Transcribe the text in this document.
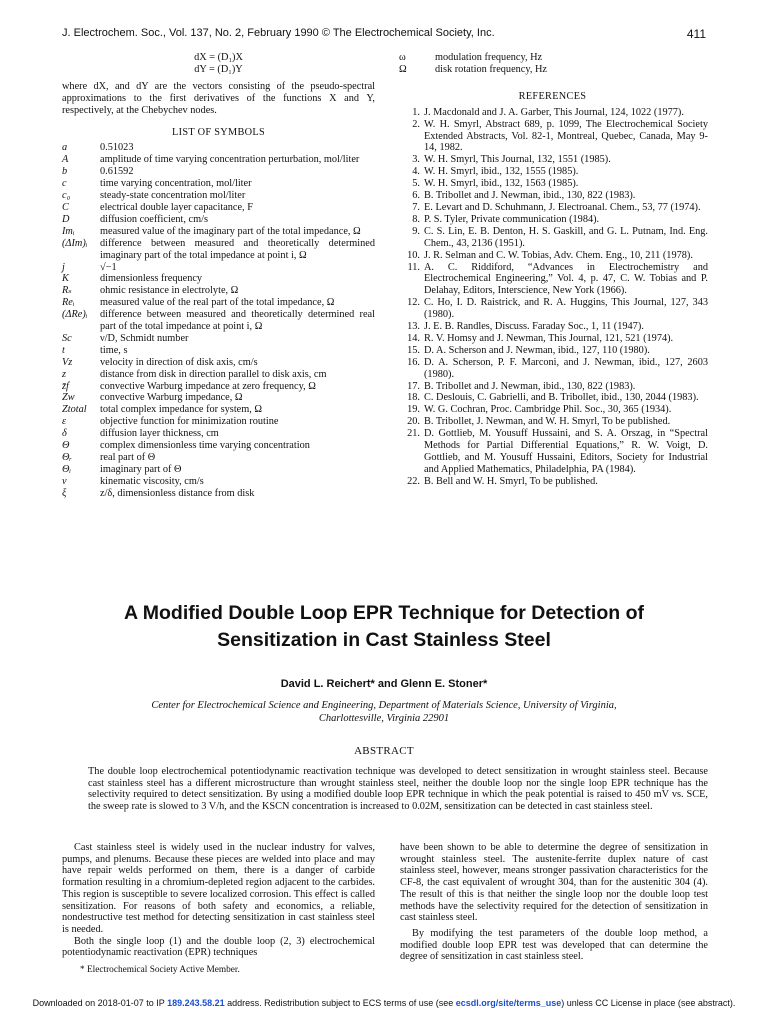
J. Electrochem. Soc., Vol. 137, No. 2, February 1990 © The Electrochemical Society, Inc.	411

dX = (D₁)X

dY = (D₁)Y

where dX, and dY are the vectors consisting of the pseudo-spectral approximations to the first derivatives of the functions X and Y, respectively, at the Chebychev nodes.

LIST OF SYMBOLS
a	0.51023
A	amplitude of time varying concentration perturbation, mol/liter
b	0.61592
c	time varying concentration, mol/liter
c₀	steady-state concentration mol/liter
C	electrical double layer capacitance, F
D	diffusion coefficient, cm/s
Imᵢ	measured value of the imaginary part of the total impedance, Ω
(ΔIm)ᵢ	difference between measured and theoretically determined imaginary part of the total impedance at point i, Ω
j	√−1
K	dimensionless frequency
Rₛ	ohmic resistance in electrolyte, Ω
Reᵢ	measured value of the real part of the total impedance, Ω
(ΔRe)ᵢ	difference between measured and theoretically determined real part of the total impedance at point i, Ω
Sc	ν/D, Schmidt number
t	time, s
Vz	velocity in direction of disk axis, cm/s
z	distance from disk in direction parallel to disk axis, cm
z̄f	convective Warburg impedance at zero frequency, Ω
Zw	convective Warburg impedance, Ω
Ztotal	total complex impedance for system, Ω
ε	objective function for minimization routine
δ	diffusion layer thickness, cm
Θ	complex dimensionless time varying concentration
Θᵣ	real part of Θ
Θᵢ	imaginary part of Θ
ν	kinematic viscosity, cm/s
ξ	z/δ, dimensionless distance from disk
ω	modulation frequency, Hz
Ω	disk rotation frequency, Hz
REFERENCES
1. J. Macdonald and J. A. Garber, This Journal, 124, 1022 (1977).
2. W. H. Smyrl, Abstract 689, p. 1099, The Electrochemical Society Extended Abstracts, Vol. 82-1, Montreal, Quebec, Canada, May 9-14, 1982.
3. W. H. Smyrl, This Journal, 132, 1551 (1985).
4. W. H. Smyrl, ibid., 132, 1555 (1985).
5. W. H. Smyrl, ibid., 132, 1563 (1985).
6. B. Tribollet and J. Newman, ibid., 130, 822 (1983).
7. E. Levart and D. Schuhmann, J. Electroanal. Chem., 53, 77 (1974).
8. P. S. Tyler, Private communication (1984).
9. C. S. Lin, E. B. Denton, H. S. Gaskill, and G. L. Putnam, Ind. Eng. Chem., 43, 2136 (1951).
10. J. R. Selman and C. W. Tobias, Adv. Chem. Eng., 10, 211 (1978).
11. A. C. Riddiford, “Advances in Electrochemistry and Electrochemical Engineering,” Vol. 4, p. 47, C. W. Tobias and P. Delahay, Editors, Interscience, New York (1966).
12. C. Ho, I. D. Raistrick, and R. A. Huggins, This Journal, 127, 343 (1980).
13. J. E. B. Randles, Discuss. Faraday Soc., 1, 11 (1947).
14. R. V. Homsy and J. Newman, This Journal, 121, 521 (1974).
15. D. A. Scherson and J. Newman, ibid., 127, 110 (1980).
16. D. A. Scherson, P. F. Marconi, and J. Newman, ibid., 127, 2603 (1980).
17. B. Tribollet and J. Newman, ibid., 130, 822 (1983).
18. C. Deslouis, C. Gabrielli, and B. Tribollet, ibid., 130, 2044 (1983).
19. W. G. Cochran, Proc. Cambridge Phil. Soc., 30, 365 (1934).
20. B. Tribollet, J. Newman, and W. H. Smyrl, To be published.
21. D. Gottlieb, M. Yousuff Hussaini, and S. A. Orszag, in “Spectral Methods for Partial Differential Equations,” R. W. Voigt, D. Gottlieb, and M. Yousuff Hussaini, Editors, Society for Industrial and Applied Mathematics, Philadelphia, PA (1984).
22. B. Bell and W. H. Smyrl, To be published.
A Modified Double Loop EPR Technique for Detection of
Sensitization in Cast Stainless Steel
David L. Reichert* and Glenn E. Stoner*
Center for Electrochemical Science and Engineering, Department of Materials Science, University of Virginia,
Charlottesville, Virginia 22901
ABSTRACT

The double loop electrochemical potentiodynamic reactivation technique was developed to detect sensitization in wrought stainless steel. Because cast stainless steel has a different microstructure than wrought stainless steel, neither the double loop nor the single loop EPR technique has the selectivity required to detect sensitization. By using a modified double loop EPR technique in which the peak potential is raised to 450 mV vs. SCE, the sweep rate is slowed to 3 V/h, and the KSCN concentration is increased to 0.02M, sensitization can be detected in cast stainless steel.

Cast stainless steel is widely used in the nuclear industry for valves, pumps, and plenums. Because these pieces are welded into place and may have repair welds performed on them, there is a danger of carbide formation resulting in a chromium-depleted region adjacent to the carbides. This region is susceptible to severe localized corrosion. This effect is called sensitization. For reasons of both safety and economics, a reliable, nondestructive test method for detecting sensitization in cast stainless steel is needed.

Both the single loop (1) and the double loop (2, 3) electrochemical potentiodynamic reactivation (EPR) techniques

* Electrochemical Society Active Member.

have been shown to be able to determine the degree of sensitization in wrought stainless steel. The austenite-ferrite duplex nature of cast stainless steel, however, means stronger passivation characteristics for the CF-8, the cast equivalent of wrought 304, than for the austenitic 304 (4). The result of this is that neither the single loop nor the double loop test methods have the selectivity required for the detection of sensitization in cast stainless steel.

By modifying the test parameters of the double loop method, a modified double loop EPR test was developed that can determine the degree of sensitization in cast stainless steel.

Downloaded on 2018-01-07 to IP 189.243.58.21 address. Redistribution subject to ECS terms of use (see ecsdl.org/site/terms_use) unless CC License in place (see abstract).
